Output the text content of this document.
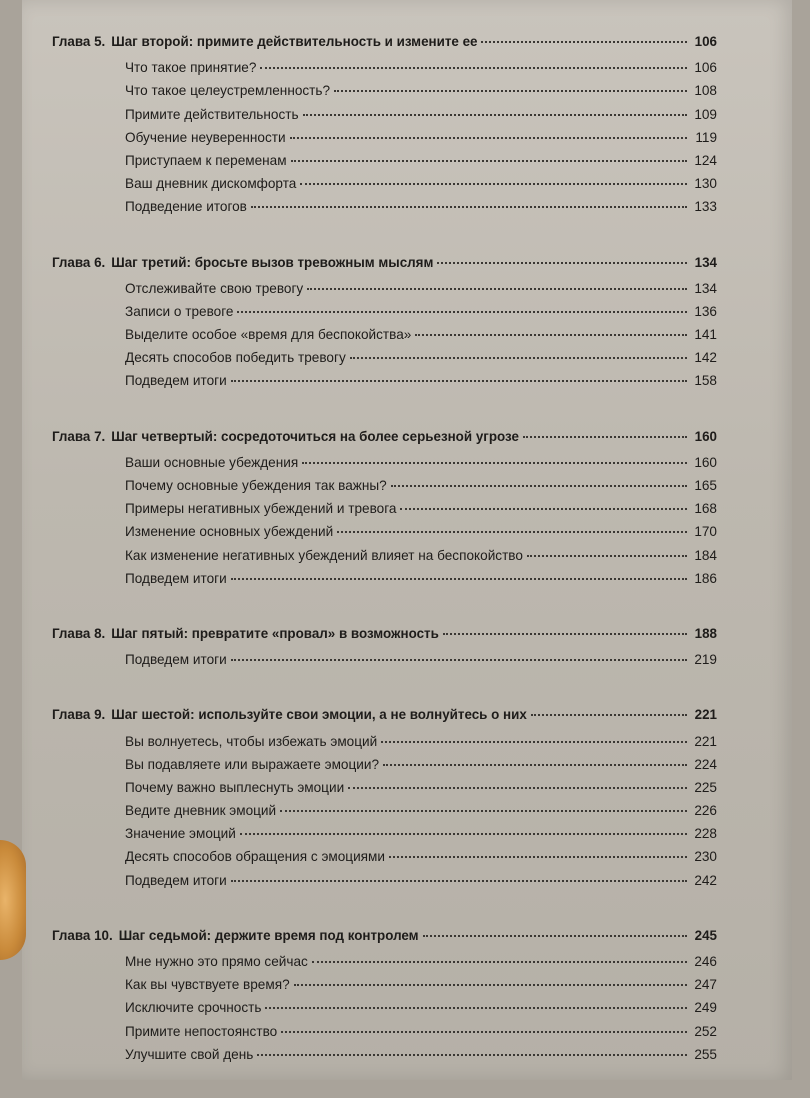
Глава 5. Шаг второй: примите действительность и измените ее	106
Что такое принятие?	106
Что такое целеустремленность?	108
Примите действительность	109
Обучение неуверенности	119
Приступаем к переменам	124
Ваш дневник дискомфорта	130
Подведение итогов	133
Глава 6. Шаг третий: бросьте вызов тревожным мыслям	134
Отслеживайте свою тревогу	134
Записи о тревоге	136
Выделите особое «время для беспокойства»	141
Десять способов победить тревогу	142
Подведем итоги	158
Глава 7. Шаг четвертый: сосредоточиться на более серьезной угрозе	160
Ваши основные убеждения	160
Почему основные убеждения так важны?	165
Примеры негативных убеждений и тревога	168
Изменение основных убеждений	170
Как изменение негативных убеждений влияет на беспокойство	184
Подведем итоги	186
Глава 8. Шаг пятый: превратите «провал» в возможность	188
Подведем итоги	219
Глава 9. Шаг шестой: используйте свои эмоции, а не волнуйтесь о них	221
Вы волнуетесь, чтобы избежать эмоций	221
Вы подавляете или выражаете эмоции?	224
Почему важно выплеснуть эмоции	225
Ведите дневник эмоций	226
Значение эмоций	228
Десять способов обращения с эмоциями	230
Подведем итоги	242
Глава 10. Шаг седьмой: держите время под контролем	245
Мне нужно это прямо сейчас	246
Как вы чувствуете время?	247
Исключите срочность	249
Примите непостоянство	252
Улучшите свой день	255
